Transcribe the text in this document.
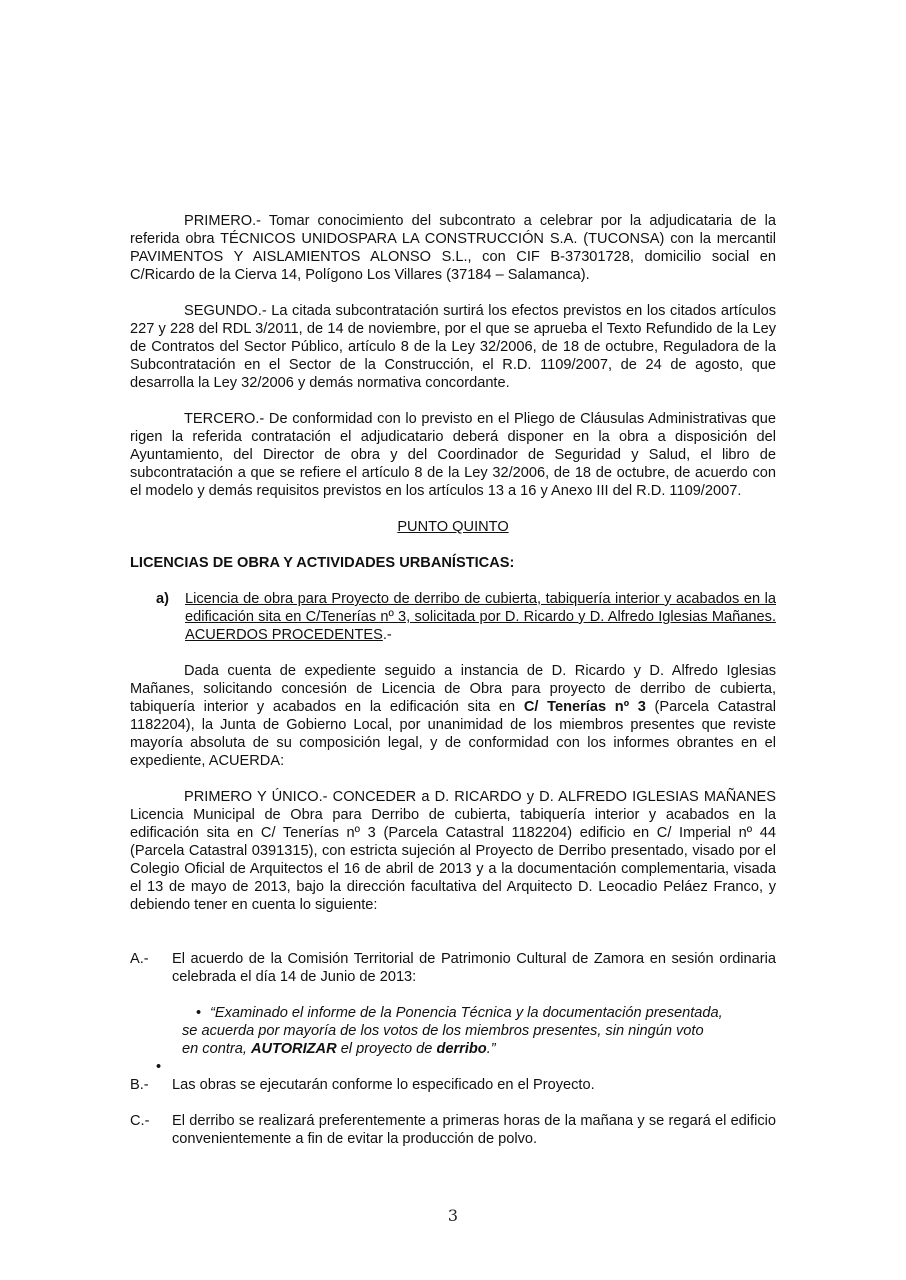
PRIMERO.- Tomar conocimiento del subcontrato a celebrar por la adjudicataria de la referida obra TÉCNICOS UNIDOSPARA LA CONSTRUCCIÓN S.A. (TUCONSA) con la mercantil PAVIMENTOS Y AISLAMIENTOS ALONSO S.L., con CIF B-37301728, domicilio social en C/Ricardo de la Cierva 14, Polígono Los Villares (37184 – Salamanca).

SEGUNDO.- La citada subcontratación surtirá los efectos previstos en los citados artículos 227 y 228 del RDL 3/2011, de 14 de noviembre, por el que se aprueba el Texto Refundido de la Ley de Contratos del Sector Público, artículo 8 de la Ley 32/2006, de 18 de octubre, Reguladora de la Subcontratación en el Sector de la Construcción, el R.D. 1109/2007, de 24 de agosto, que desarrolla la Ley 32/2006 y demás normativa concordante.

TERCERO.- De conformidad con lo previsto en el Pliego de Cláusulas Administrativas que rigen la referida contratación el adjudicatario deberá disponer en la obra a disposición del Ayuntamiento, del Director de obra y del Coordinador de Seguridad y Salud, el libro de subcontratación a que se refiere el artículo 8 de la Ley 32/2006, de 18 de octubre, de acuerdo con el modelo y demás requisitos previstos en los artículos 13 a 16 y Anexo III del R.D. 1109/2007.

PUNTO QUINTO

LICENCIAS DE OBRA Y ACTIVIDADES URBANÍSTICAS:

a) Licencia de obra para Proyecto de derribo de cubierta, tabiquería interior y acabados en la edificación sita en C/Tenerías nº 3, solicitada por D. Ricardo y D. Alfredo Iglesias Mañanes. ACUERDOS PROCEDENTES.-

Dada cuenta de expediente seguido a instancia de D. Ricardo y D. Alfredo Iglesias Mañanes, solicitando concesión de Licencia de Obra para proyecto de derribo de cubierta, tabiquería interior y acabados en la edificación sita en C/ Tenerías nº 3 (Parcela Catastral 1182204), la Junta de Gobierno Local, por unanimidad de los miembros presentes que reviste mayoría absoluta de su composición legal, y de conformidad con los informes obrantes en el expediente, ACUERDA:

PRIMERO Y ÚNICO.- CONCEDER a D. RICARDO y D. ALFREDO IGLESIAS MAÑANES Licencia Municipal de Obra para Derribo de cubierta, tabiquería interior y acabados en la edificación sita en C/ Tenerías nº 3 (Parcela Catastral 1182204) edificio en C/ Imperial nº 44 (Parcela Catastral 0391315), con estricta sujeción al Proyecto de Derribo presentado, visado por el Colegio Oficial de Arquitectos el 16 de abril de 2013 y a la documentación complementaria, visada el 13 de mayo de 2013, bajo la dirección facultativa del Arquitecto D. Leocadio Peláez Franco, y debiendo tener en cuenta lo siguiente:

A.- El acuerdo de la Comisión Territorial de Patrimonio Cultural de Zamora en sesión ordinaria celebrada el día 14 de Junio de 2013:
• “Examinado el informe de la Ponencia Técnica y la documentación presentada,
se acuerda por mayoría de los votos de los miembros presentes, sin ningún voto
en contra, AUTORIZAR el proyecto de derribo.”
•
B.- Las obras se ejecutarán conforme lo especificado en el Proyecto.
C.- El derribo se realizará preferentemente a primeras horas de la mañana y se regará el edificio convenientemente a fin de evitar la producción de polvo.
3
